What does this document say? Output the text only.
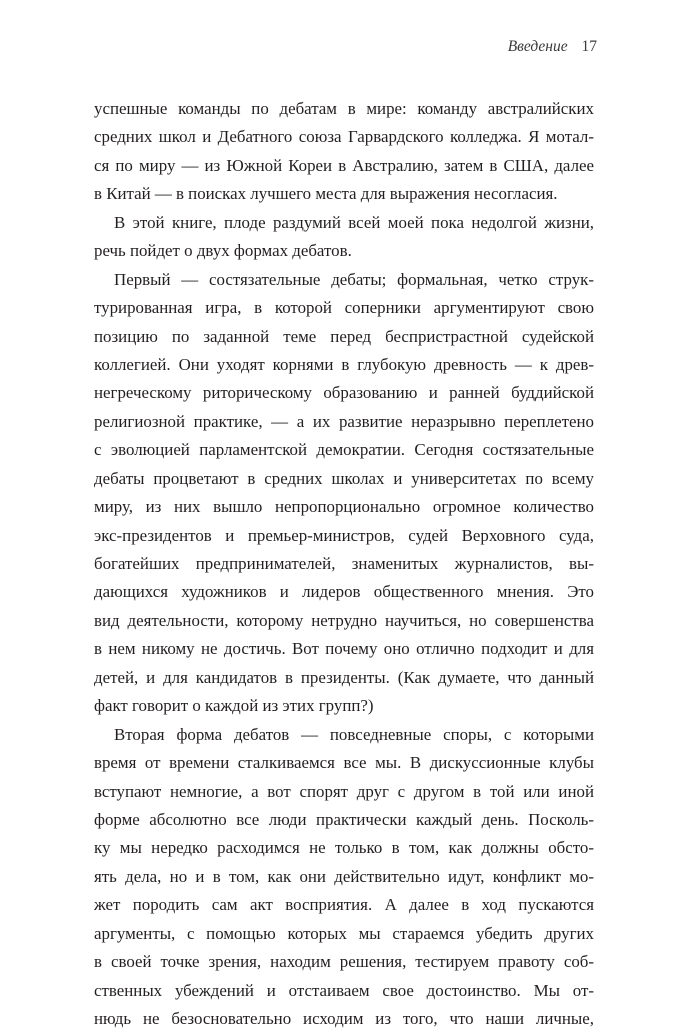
Введение 17
успешные команды по дебатам в мире: команду австралийских
средних школ и Дебатного союза Гарвардского колледжа. Я мотал-
ся по миру — из Южной Кореи в Австралию, затем в США, далее
в Китай — в поисках лучшего места для выражения несогласия.
В этой книге, плоде раздумий всей моей пока недолгой жизни,
речь пойдет о двух формах дебатов.
Первый — состязательные дебаты; формальная, четко струк-
турированная игра, в которой соперники аргументируют свою
позицию по заданной теме перед беспристрастной судейской
коллегией. Они уходят корнями в глубокую древность — к древ-
негреческому риторическому образованию и ранней буддийской
религиозной практике, — а их развитие неразрывно переплетено
с эволюцией парламентской демократии. Сегодня состязательные
дебаты процветают в средних школах и университетах по всему
миру, из них вышло непропорционально огромное количество
экс-президентов и премьер-министров, судей Верховного суда,
богатейших предпринимателей, знаменитых журналистов, вы-
дающихся художников и лидеров общественного мнения. Это
вид деятельности, которому нетрудно научиться, но совершенства
в нем никому не достичь. Вот почему оно отлично подходит и для
детей, и для кандидатов в президенты. (Как думаете, что данный
факт говорит о каждой из этих групп?)
Вторая форма дебатов — повседневные споры, с которыми
время от времени сталкиваемся все мы. В дискуссионные клубы
вступают немногие, а вот спорят друг с другом в той или иной
форме абсолютно все люди практически каждый день. Посколь-
ку мы нередко расходимся не только в том, как должны обсто-
ять дела, но и в том, как они действительно идут, конфликт мо-
жет породить сам акт восприятия. А далее в ход пускаются
аргументы, с помощью которых мы стараемся убедить других
в своей точке зрения, находим решения, тестируем правоту соб-
ственных убеждений и отстаиваем свое достоинство. Мы от-
нюдь не безосновательно исходим из того, что наши личные,
